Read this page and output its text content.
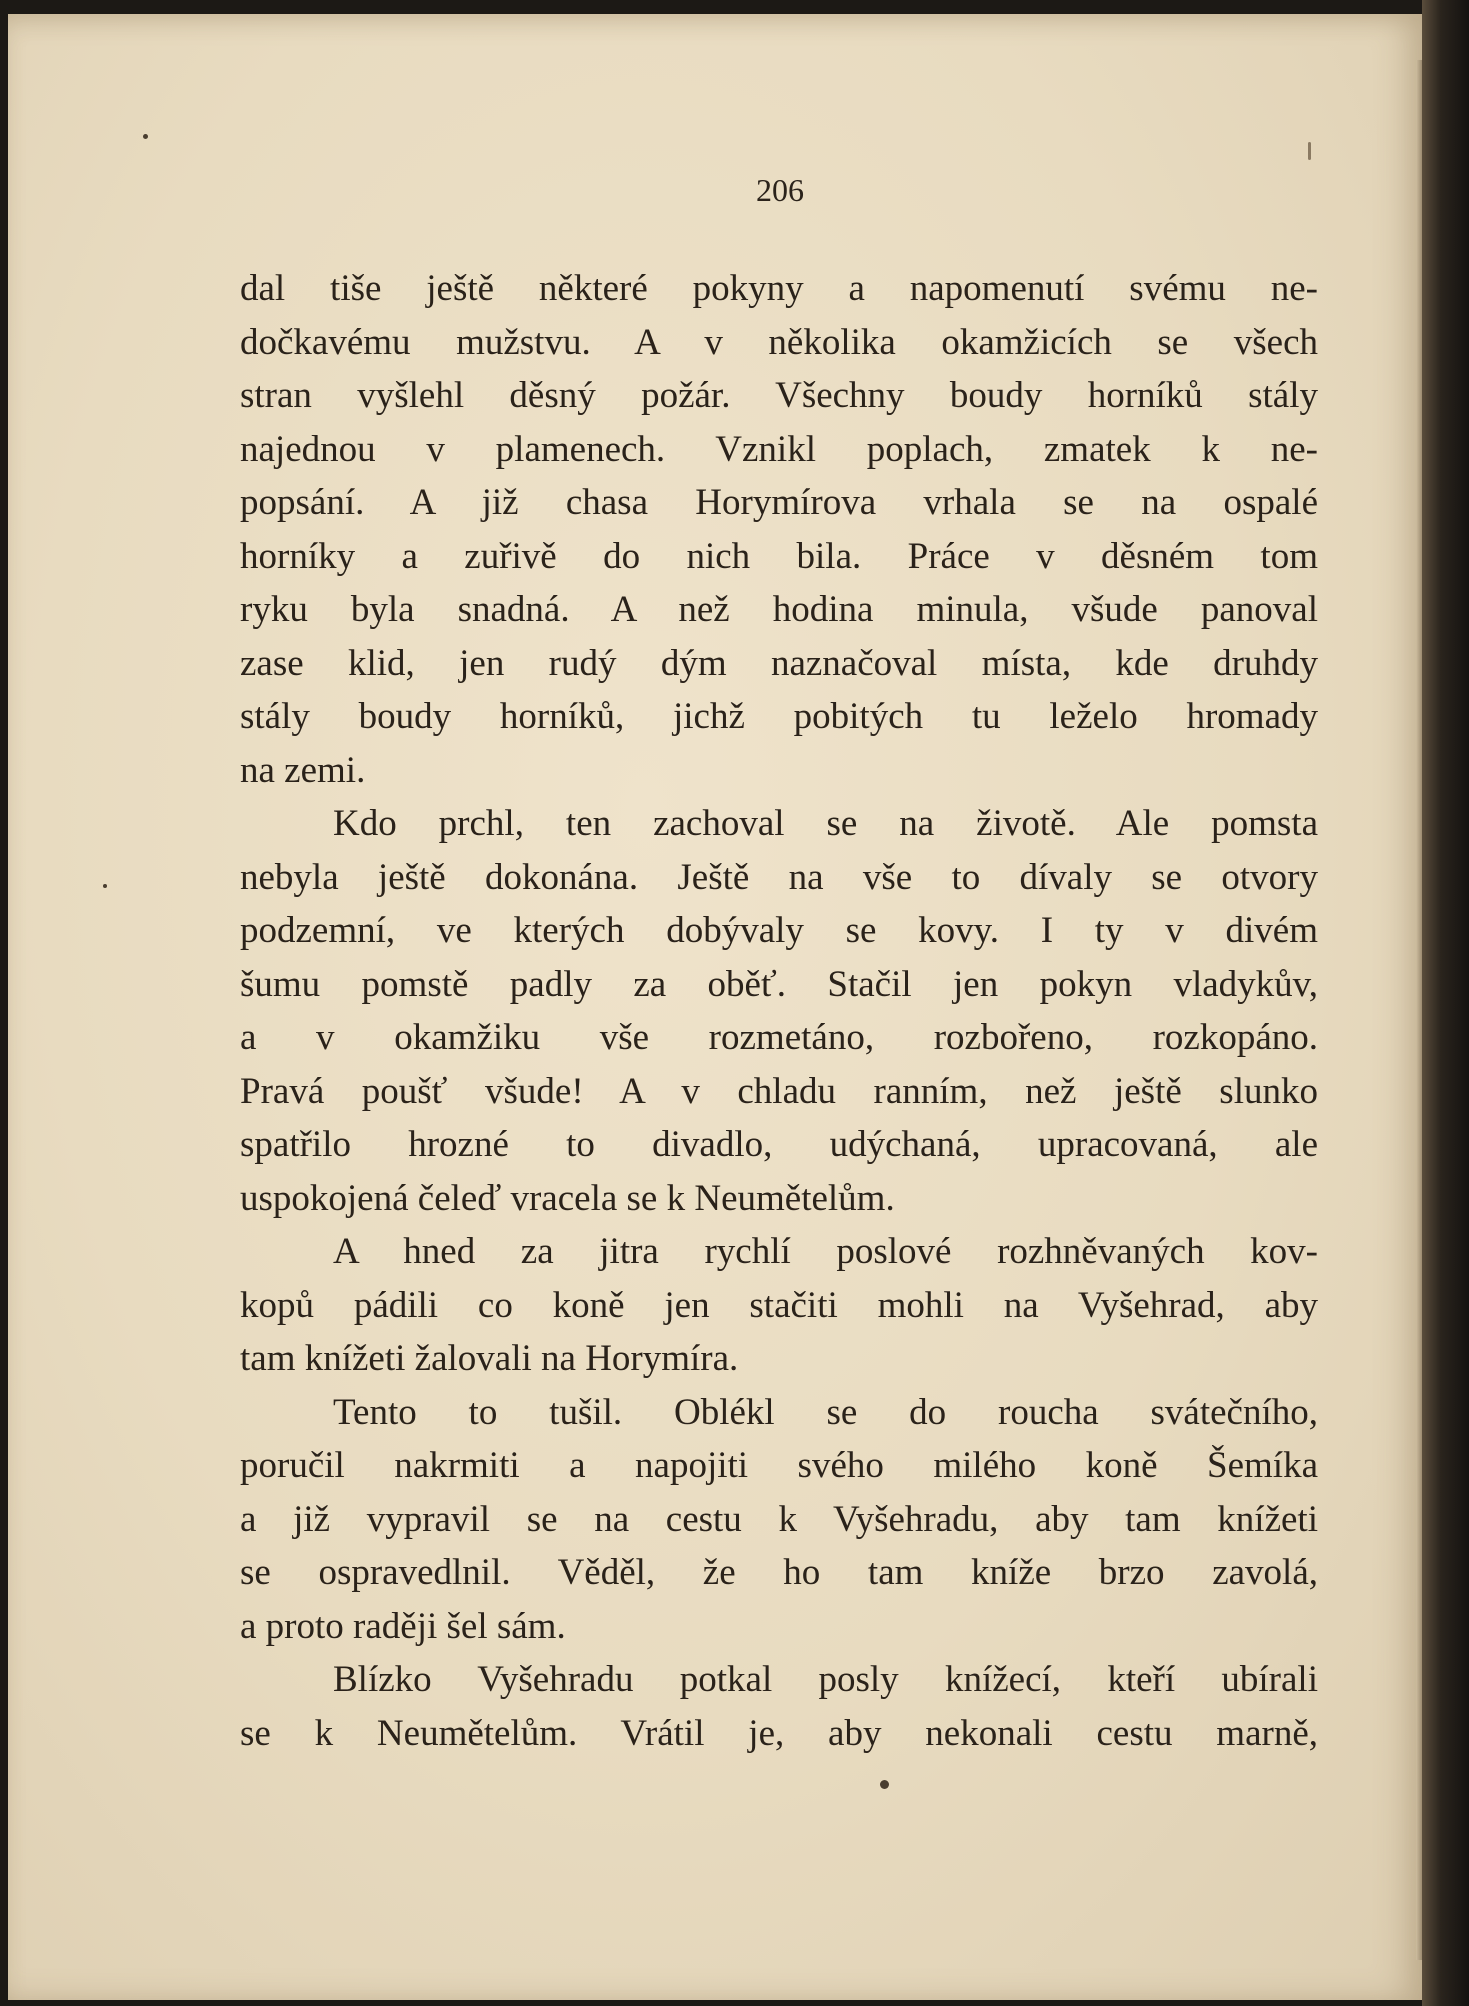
206

dal tiše ještě některé pokyny a napomenutí svému ne-
dočkavému mužstvu. A v několika okamžicích se všech
stran vyšlehl děsný požár. Všechny boudy horníků stály
najednou v plamenech. Vznikl poplach, zmatek k ne-
popsání. A již chasa Horymírova vrhala se na ospalé
horníky a zuřivě do nich bila. Práce v děsném tom
ryku byla snadná. A než hodina minula, všude panoval
zase klid, jen rudý dým naznačoval místa, kde druhdy
stály boudy horníků, jichž pobitých tu leželo hromady
na zemi.
Kdo prchl, ten zachoval se na životě. Ale pomsta
nebyla ještě dokonána. Ještě na vše to dívaly se otvory
podzemní, ve kterých dobývaly se kovy. I ty v divém
šumu pomstě padly za oběť. Stačil jen pokyn vladykův,
a v okamžiku vše rozmetáno, rozbořeno, rozkopáno.
Pravá poušť všude! A v chladu ranním, než ještě slunko
spatřilo hrozné to divadlo, udýchaná, upracovaná, ale
uspokojená čeleď vracela se k Neumětelům.
A hned za jitra rychlí poslové rozhněvaných kov-
kopů pádili co koně jen stačiti mohli na Vyšehrad, aby
tam knížeti žalovali na Horymíra.
Tento to tušil. Oblékl se do roucha svátečního,
poručil nakrmiti a napojiti svého milého koně Šemíka
a již vypravil se na cestu k Vyšehradu, aby tam knížeti
se ospravedlnil. Věděl, že ho tam kníže brzo zavolá,
a proto raději šel sám.
Blízko Vyšehradu potkal posly knížecí, kteří ubírali
se k Neumětelům. Vrátil je, aby nekonali cestu marně,
